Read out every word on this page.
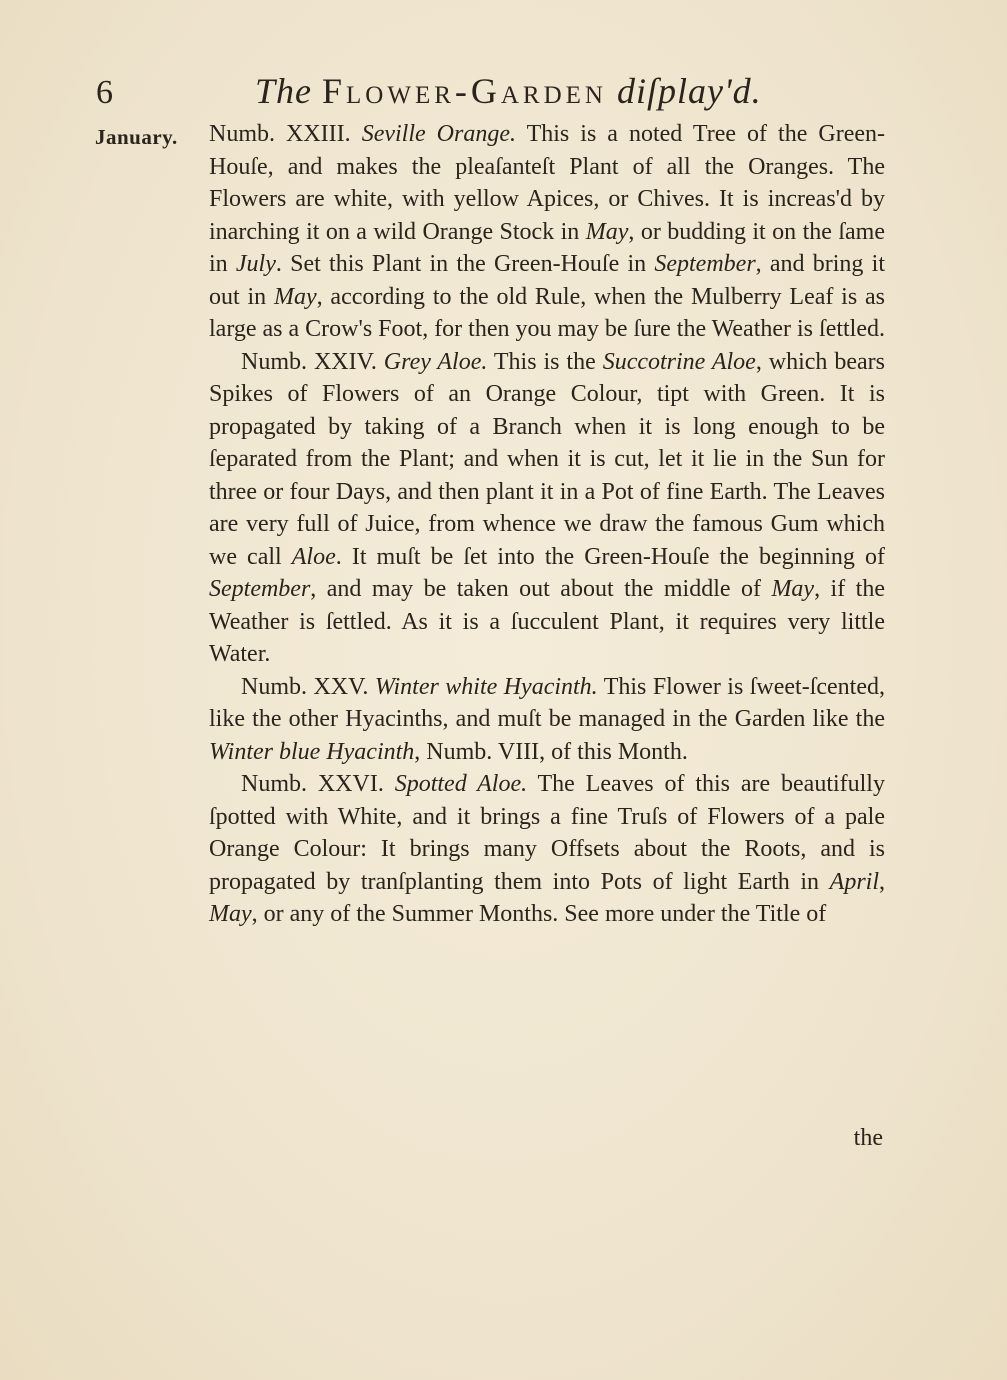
6	The Flower-Garden diſplay'd.
January. Numb. XXIII. Seville Orange. This is a noted Tree of the Green-Houſe, and makes the pleaſanteſt Plant of all the Oranges. The Flowers are white, with yellow Apices, or Chives. It is increas'd by inarching it on a wild Orange Stock in May, or budding it on the ſame in July. Set this Plant in the Green-Houſe in September, and bring it out in May, according to the old Rule, when the Mulberry Leaf is as large as a Crow's Foot, for then you may be ſure the Weather is ſettled.

Numb. XXIV. Grey Aloe. This is the Succotrine Aloe, which bears Spikes of Flowers of an Orange Colour, tipt with Green. It is propagated by taking of a Branch when it is long enough to be ſeparated from the Plant; and when it is cut, let it lie in the Sun for three or four Days, and then plant it in a Pot of fine Earth. The Leaves are very full of Juice, from whence we draw the famous Gum which we call Aloe. It muſt be ſet into the Green-Houſe the beginning of September, and may be taken out about the middle of May, if the Weather is ſettled. As it is a ſucculent Plant, it requires very little Water.

Numb. XXV. Winter white Hyacinth. This Flower is ſweet-ſcented, like the other Hyacinths, and muſt be managed in the Garden like the Winter blue Hyacinth, Numb. VIII, of this Month.

Numb. XXVI. Spotted Aloe. The Leaves of this are beautifully ſpotted with White, and it brings a fine Truſs of Flowers of a pale Orange Colour: It brings many Offsets about the Roots, and is propagated by tranſplanting them into Pots of light Earth in April, May, or any of the Summer Months. See more under the Title of

the
